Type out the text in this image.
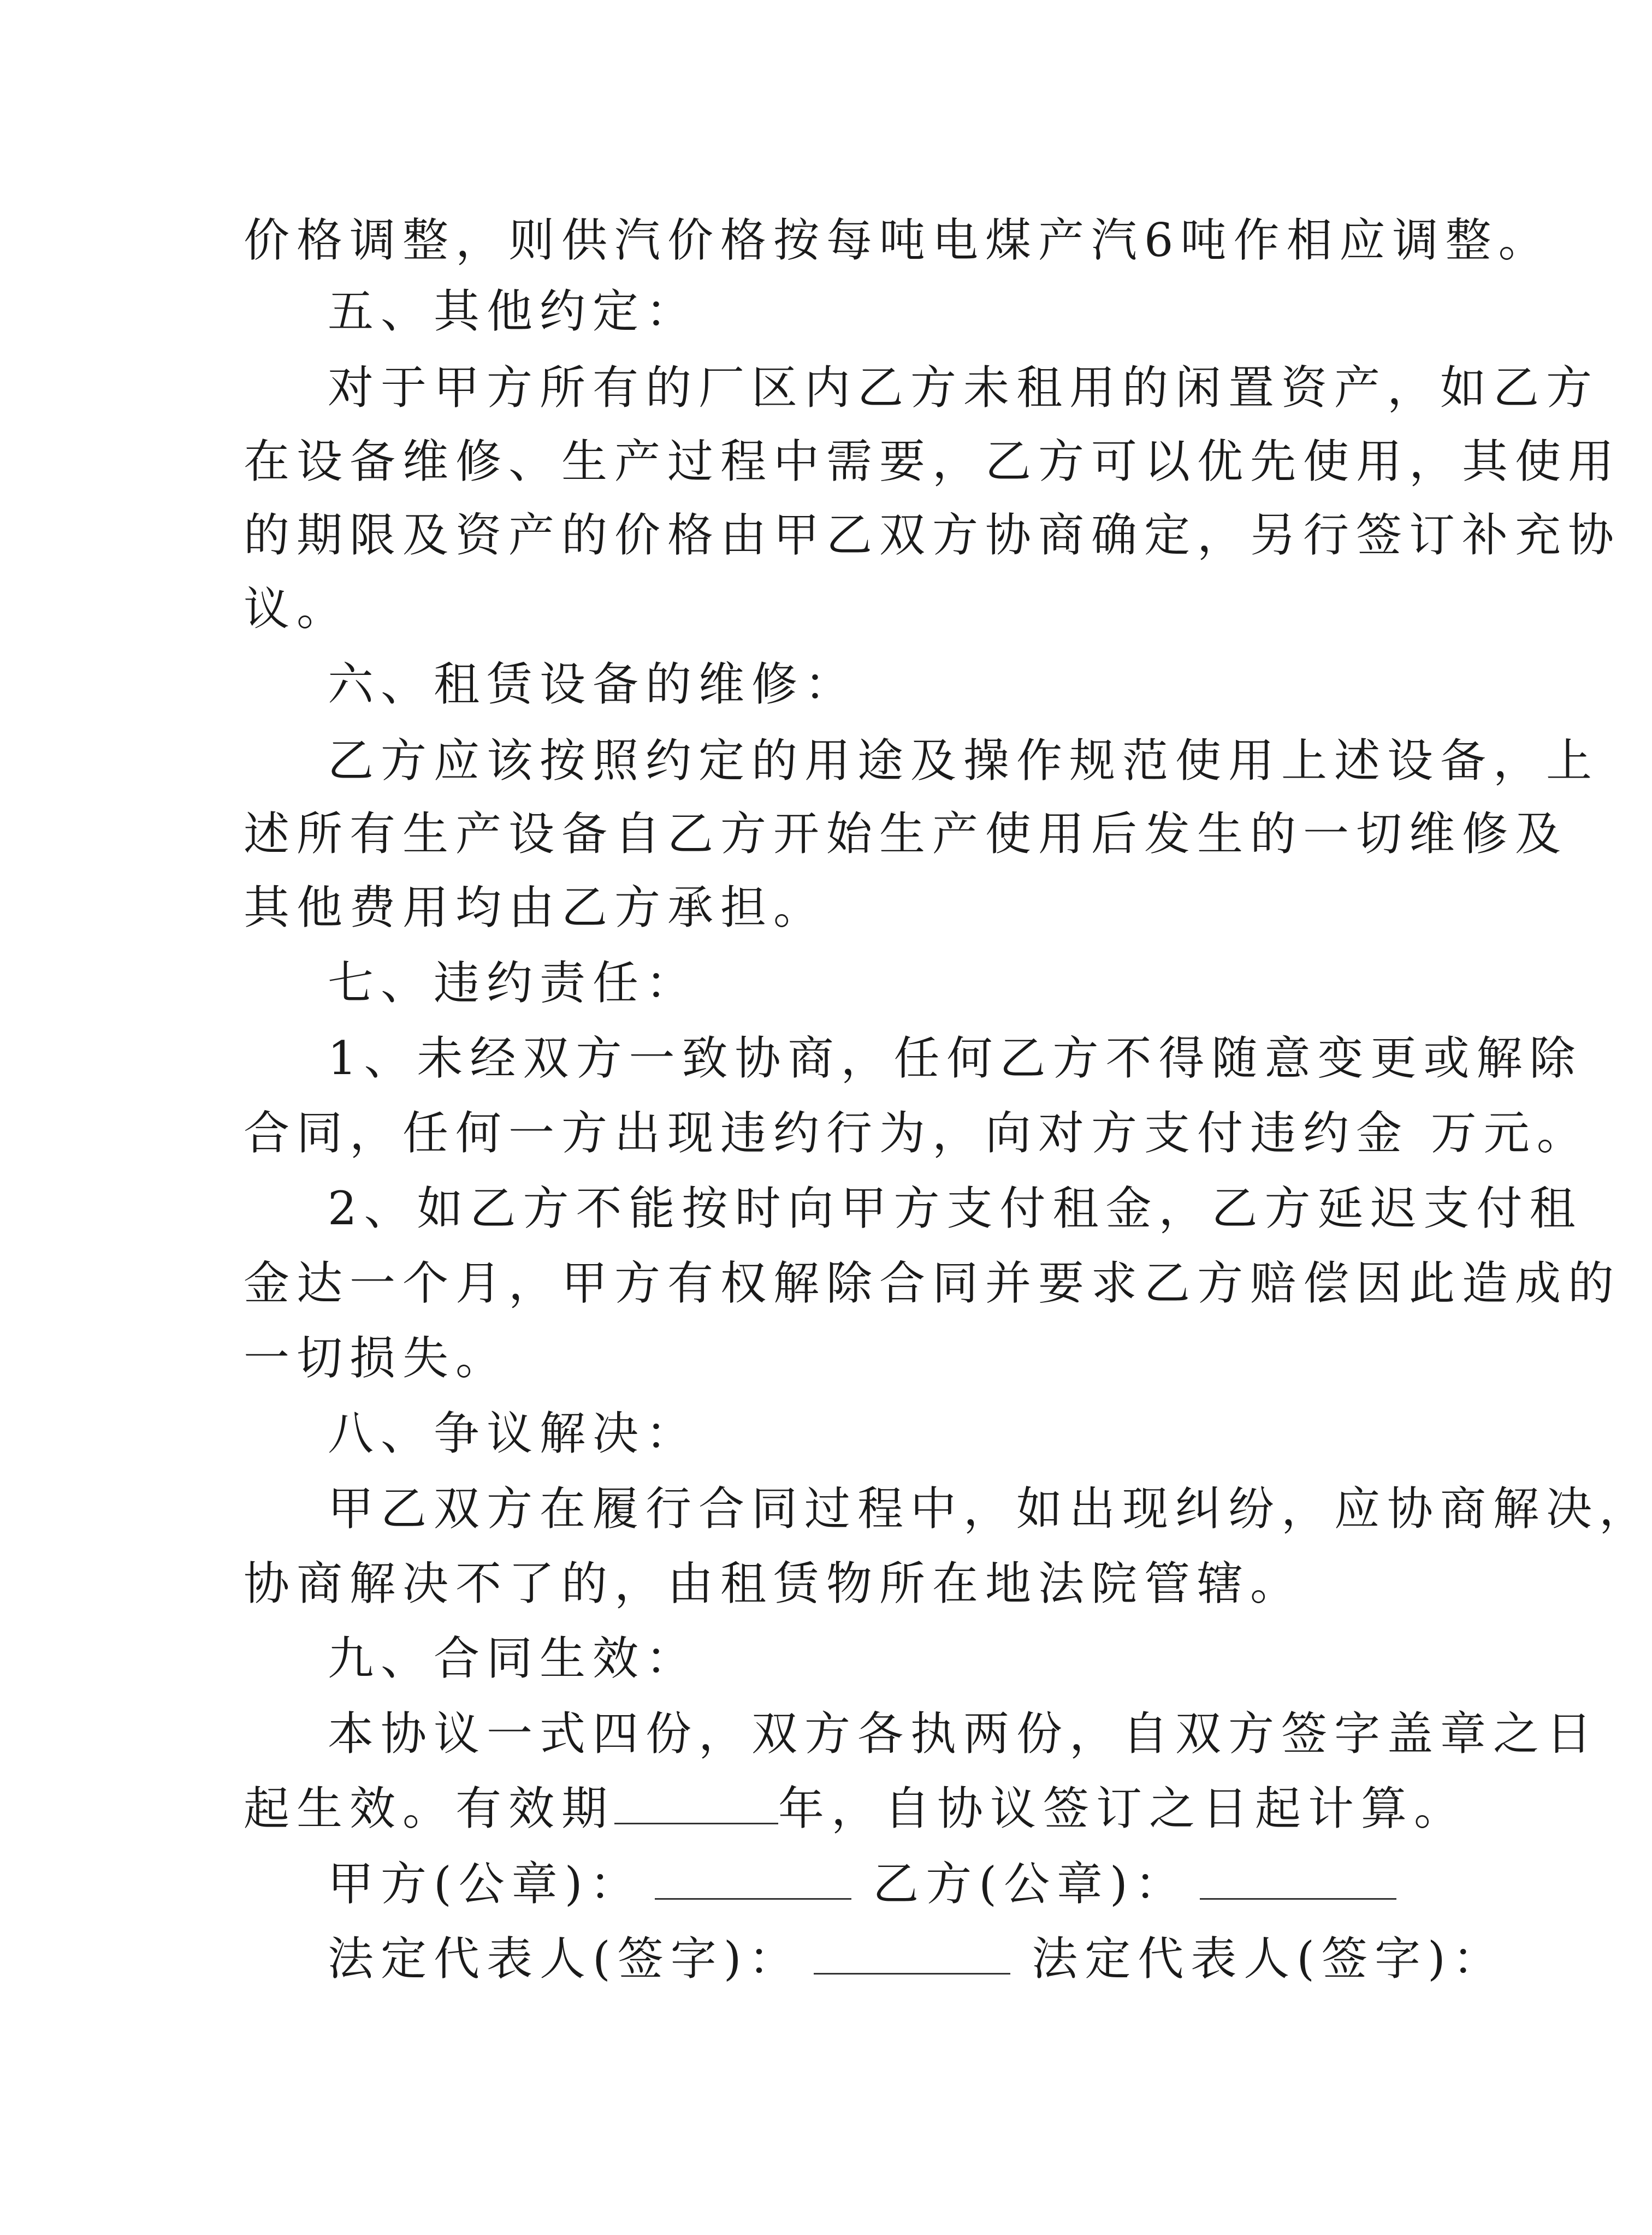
价格调整，则供汽价格按每吨电煤产汽6吨作相应调整。
五、其他约定：
对于甲方所有的厂区内乙方未租用的闲置资产，如乙方
在设备维修、生产过程中需要，乙方可以优先使用，其使用
的期限及资产的价格由甲乙双方协商确定，另行签订补充协
议。
六、租赁设备的维修：
乙方应该按照约定的用途及操作规范使用上述设备，上
述所有生产设备自乙方开始生产使用后发生的一切维修及
其他费用均由乙方承担。
七、违约责任：
1、未经双方一致协商，任何乙方不得随意变更或解除
合同，任何一方出现违约行为，向对方支付违约金 万元。
2、如乙方不能按时向甲方支付租金，乙方延迟支付租
金达一个月，甲方有权解除合同并要求乙方赔偿因此造成的
一切损失。
八、争议解决：
甲乙双方在履行合同过程中，如出现纠纷，应协商解决，
协商解决不了的，由租赁物所在地法院管辖。
九、合同生效：
本协议一式四份，双方各执两份，自双方签字盖章之日
起生效。有效期	年，自协议签订之日起计算。
甲方(公章)：	乙方(公章)：
法定代表人(签字)：	法定代表人(签字)：
